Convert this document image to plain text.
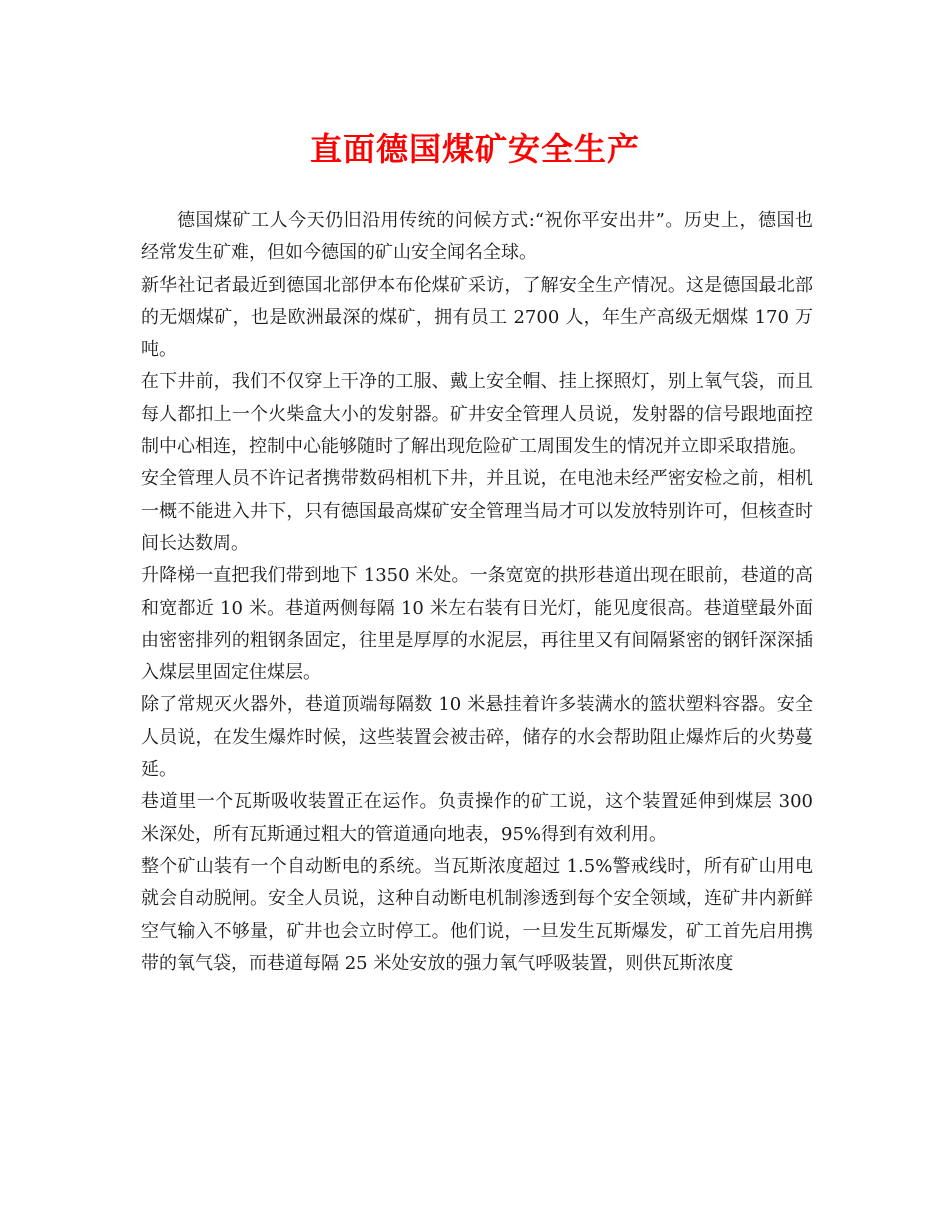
直面德国煤矿安全生产

德国煤矿工人今天仍旧沿用传统的问候方式:“祝你平安出井”。历史上，德国也经常发生矿难，但如今德国的矿山安全闻名全球。

新华社记者最近到德国北部伊本布伦煤矿采访，了解安全生产情况。这是德国最北部的无烟煤矿，也是欧洲最深的煤矿，拥有员工 2700 人，年生产高级无烟煤 170 万吨。

在下井前，我们不仅穿上干净的工服、戴上安全帽、挂上探照灯，别上氧气袋，而且每人都扣上一个火柴盒大小的发射器。矿井安全管理人员说，发射器的信号跟地面控制中心相连，控制中心能够随时了解出现危险矿工周围发生的情况并立即采取措施。

安全管理人员不许记者携带数码相机下井，并且说，在电池未经严密安检之前，相机一概不能进入井下，只有德国最高煤矿安全管理当局才可以发放特别许可，但核查时间长达数周。

升降梯一直把我们带到地下 1350 米处。一条宽宽的拱形巷道出现在眼前，巷道的高和宽都近 10 米。巷道两侧每隔 10 米左右装有日光灯，能见度很高。巷道壁最外面由密密排列的粗钢条固定，往里是厚厚的水泥层，再往里又有间隔紧密的钢钎深深插入煤层里固定住煤层。

除了常规灭火器外，巷道顶端每隔数 10 米悬挂着许多装满水的篮状塑料容器。安全人员说，在发生爆炸时候，这些装置会被击碎，储存的水会帮助阻止爆炸后的火势蔓延。

巷道里一个瓦斯吸收装置正在运作。负责操作的矿工说，这个装置延伸到煤层 300 米深处，所有瓦斯通过粗大的管道通向地表，95%得到有效利用。

整个矿山装有一个自动断电的系统。当瓦斯浓度超过 1.5%警戒线时，所有矿山用电就会自动脱闸。安全人员说，这种自动断电机制渗透到每个安全领域，连矿井内新鲜空气输入不够量，矿井也会立时停工。他们说，一旦发生瓦斯爆发，矿工首先启用携带的氧气袋，而巷道每隔 25 米处安放的强力氧气呼吸装置，则供瓦斯浓度
